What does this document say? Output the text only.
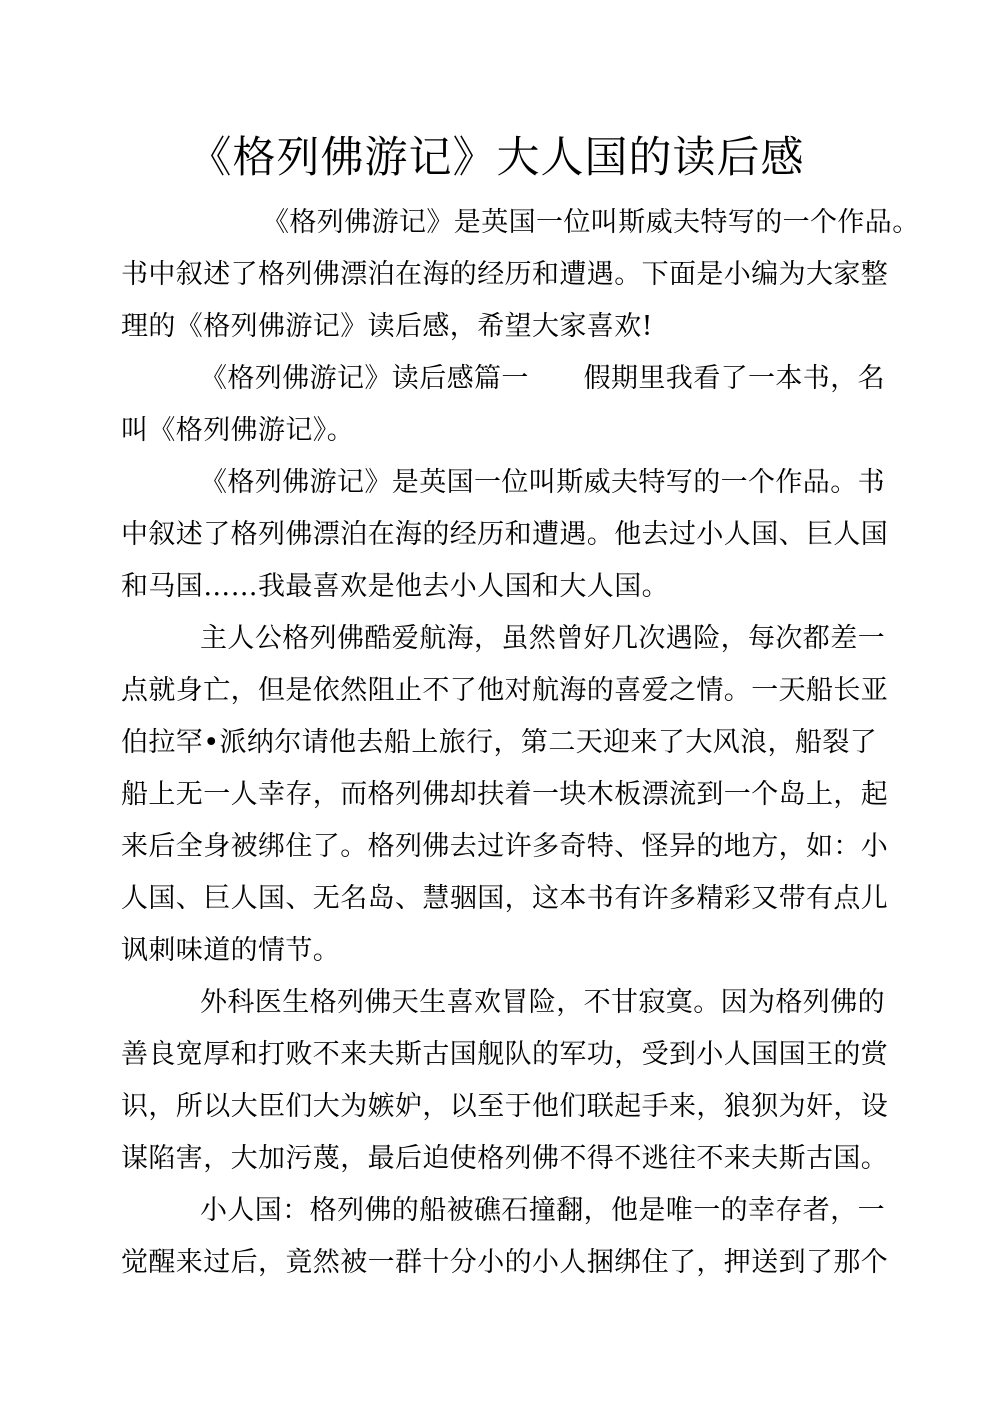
《格列佛游记》大人国的读后感
《格列佛游记》是英国一位叫斯威夫特写的一个作品。
书中叙述了格列佛漂泊在海的经历和遭遇。下面是小编为大家整
理的《格列佛游记》读后感，希望大家喜欢!
《格列佛游记》读后感篇一　　假期里我看了一本书，名
叫《格列佛游记》。
《格列佛游记》是英国一位叫斯威夫特写的一个作品。书
中叙述了格列佛漂泊在海的经历和遭遇。他去过小人国、巨人国
和马国……我最喜欢是他去小人国和大人国。
主人公格列佛酷爱航海，虽然曾好几次遇险，每次都差一
点就身亡，但是依然阻止不了他对航海的喜爱之情。一天船长亚
伯拉罕•派纳尔请他去船上旅行，第二天迎来了大风浪，船裂了
船上无一人幸存，而格列佛却扶着一块木板漂流到一个岛上，起
来后全身被绑住了。格列佛去过许多奇特、怪异的地方，如：小
人国、巨人国、无名岛、慧骃国，这本书有许多精彩又带有点儿
讽刺味道的情节。
外科医生格列佛天生喜欢冒险，不甘寂寞。因为格列佛的
善良宽厚和打败不来夫斯古国舰队的军功，受到小人国国王的赏
识，所以大臣们大为嫉妒，以至于他们联起手来，狼狈为奸，设
谋陷害，大加污蔑，最后迫使格列佛不得不逃往不来夫斯古国。
小人国：格列佛的船被礁石撞翻，他是唯一的幸存者，一
觉醒来过后，竟然被一群十分小的小人捆绑住了，押送到了那个
